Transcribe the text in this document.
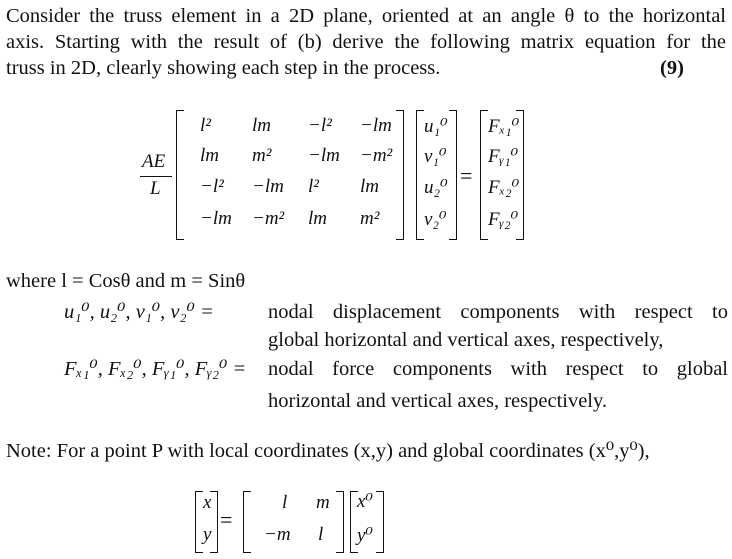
Consider the truss element in a 2D plane, oriented at an angle θ to the horizontal
axis. Starting with the result of (b) derive the following matrix equation for the
truss in 2D, clearly showing each step in the process.	(9)
AE
L
l² lm −l² −lm
lm m² −lm −m²
−l² −lm l² lm
−lm −m² lm m²
u₁⁰
v₁⁰
u₂⁰
v₂⁰
=
Fₓ₁⁰
Fᵧ₁⁰
Fₓ₂⁰
Fᵧ₂⁰
where l = Cosθ and m = Sinθ
u₁⁰, u₂⁰, v₁⁰, v₂⁰ =	nodal displacement components with respect to
global horizontal and vertical axes, respectively,
Fₓ₁⁰, Fₓ₂⁰, Fᵧ₁⁰, Fᵧ₂⁰ = nodal force components with respect to global
horizontal and vertical axes, respectively.
Note: For a point P with local coordinates (x,y) and global coordinates (x⁰,y⁰),
x
y
=
l m
−m l
x⁰
y⁰
